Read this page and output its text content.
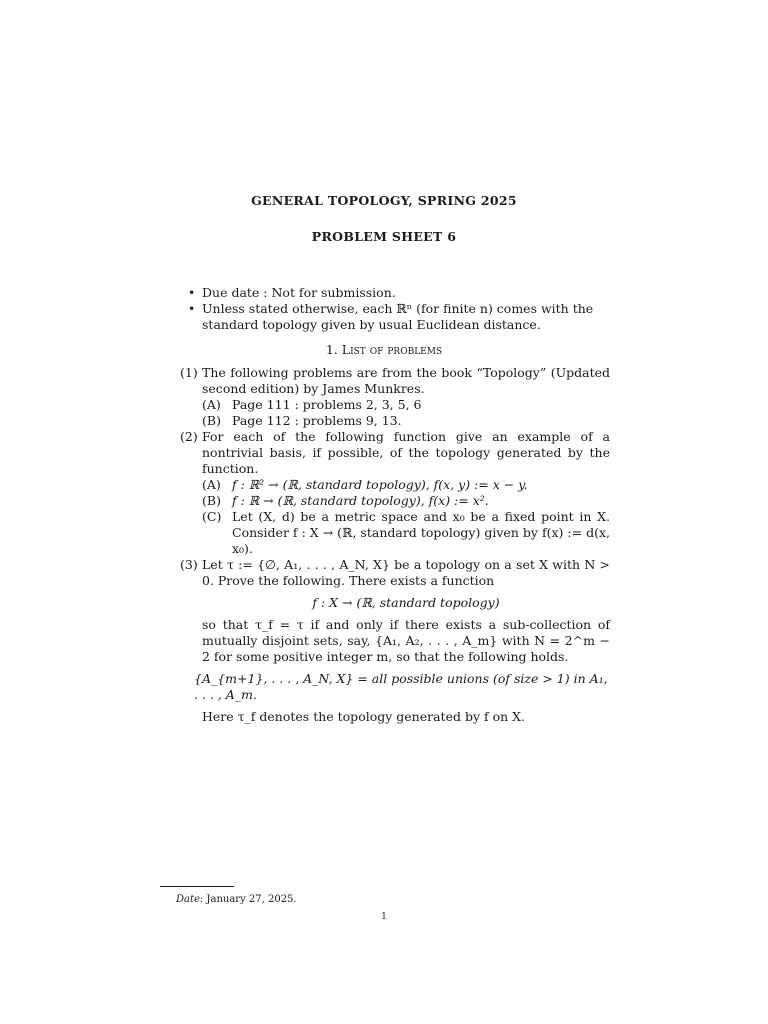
GENERAL TOPOLOGY, SPRING 2025
PROBLEM SHEET 6
• Due date : Not for submission.
• Unless stated otherwise, each ℝⁿ (for finite n) comes with the standard topology given by usual Euclidean distance.
1. List of problems
(1) The following problems are from the book “Topology” (Updated second edition) by James Munkres.
(A) Page 111 : problems 2, 3, 5, 6
(B) Page 112 : problems 9, 13.
(2) For each of the following function give an example of a nontrivial basis, if possible, of the topology generated by the function.
(A) f : ℝ² → (ℝ, standard topology), f(x, y) := x − y.
(B) f : ℝ → (ℝ, standard topology), f(x) := x².
(C) Let (X, d) be a metric space and x₀ be a fixed point in X. Consider f : X → (ℝ, standard topology) given by f(x) := d(x, x₀).
(3) Let τ := {∅, A₁, . . . , A_N, X} be a topology on a set X with N > 0. Prove the following. There exists a function
f : X → (ℝ, standard topology)
so that τ_f = τ if and only if there exists a sub-collection of mutually disjoint sets, say, {A₁, A₂, . . . , A_m} with N = 2^m − 2 for some positive integer m, so that the following holds.
{A_{m+1}, . . . , A_N, X} = all possible unions (of size > 1) in A₁, . . . , A_m.
Here τ_f denotes the topology generated by f on X.
Date: January 27, 2025.
1
